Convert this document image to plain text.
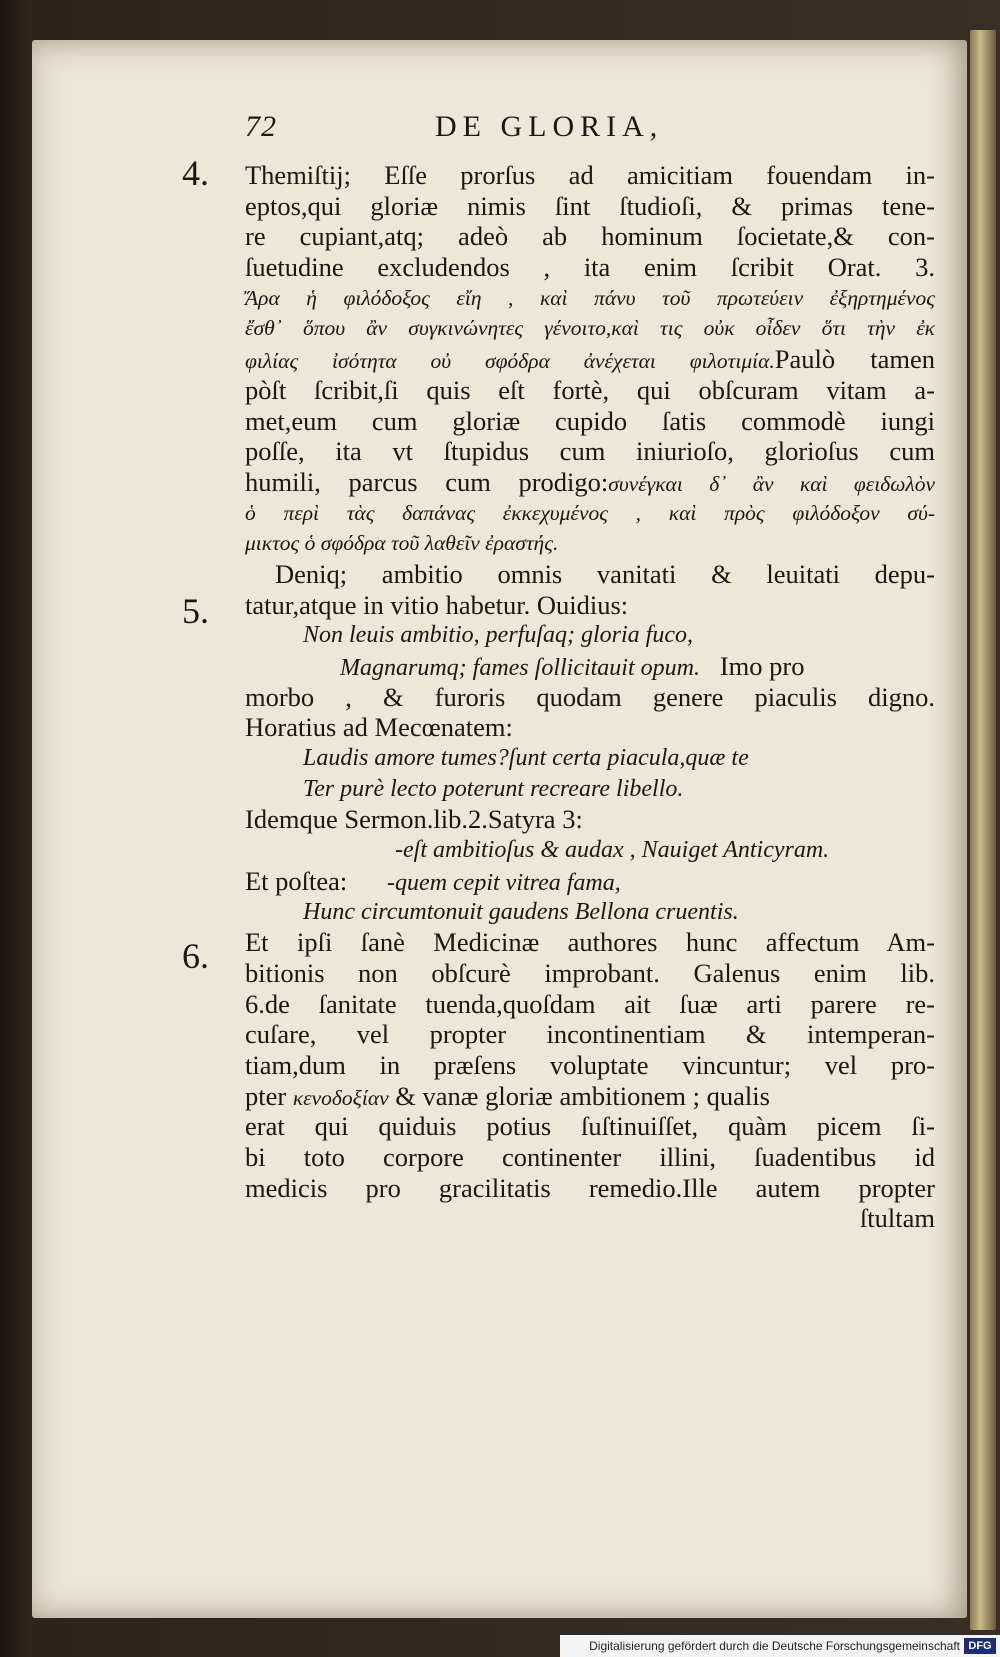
4.
5.
6.
72	DE GLORIA,
Themiſtij; Eſſe prorſus ad amicitiam fouendam in-
eptos,qui gloriæ nimis ſint ſtudioſi, & primas tene-
re cupiant,atq; adeò ab hominum ſocietate,& con-
ſuetudine excludendos , ita enim ſcribit Orat. 3.
Ἄρα ἡ φιλόδοξος εἴη , καὶ πάνυ τοῦ πρωτεύειν ἐξηρτημένος
ἔσθ᾽ ὅπου ἂν συγκινώνητες γένοιτο,καὶ τις οὐκ οἶδεν ὅτι τὴν ἐκ
φιλίας ἰσότητα οὐ σφόδρα ἀνέχεται φιλοτιμία.Paulò tamen
pòſt ſcribit,ſi quis eſt fortè, qui obſcuram vitam a-
met,eum cum gloriæ cupido ſatis commodè iungi
poſſe, ita vt ſtupidus cum iniurioſo, glorioſus cum
humili, parcus cum prodigo:συνέγκαι δ᾽ ἂν καὶ φειδωλὸν
ὁ περὶ τὰς δαπάνας ἐκκεχυμένος , καὶ πρὸς φιλόδοξον σύ-
μικτος ὁ σφόδρα τοῦ λαθεῖν ἐραστής.
Deniq; ambitio omnis vanitati & leuitati depu-
tatur,atque in vitio habetur. Ouidius:
Non leuis ambitio, perfuſaq; gloria fuco,
Magnarumq; fames ſollicitauit opum. Imo pro
morbo , & furoris quodam genere piaculis digno.
Horatius ad Mecœnatem:
Laudis amore tumes?ſunt certa piacula,quæ te
Ter purè lecto poterunt recreare libello.
Idemque Sermon.lib.2.Satyra 3:
-eſt ambitioſus & audax , Nauiget Anticyram.
Et poſtea: -quem cepit vitrea fama,
Hunc circumtonuit gaudens Bellona cruentis.
Et ipſi ſanè Medicinæ authores hunc affectum Am-
bitionis non obſcurè improbant. Galenus enim lib.
6.de ſanitate tuenda,quoſdam ait ſuæ arti parere re-
cuſare, vel propter incontinentiam & intemperan-
tiam,dum in præſens voluptate vincuntur; vel pro-
pter κενοδοξίαν & vanæ gloriæ ambitionem ; qualis
erat qui quiduis potius ſuſtinuiſſet, quàm picem ſi-
bi toto corpore continenter illini, ſuadentibus id
medicis pro gracilitatis remedio.Ille autem propter
ſtultam
Digitalisierung gefördert durch die Deutsche Forschungsgemeinschaft DFG
